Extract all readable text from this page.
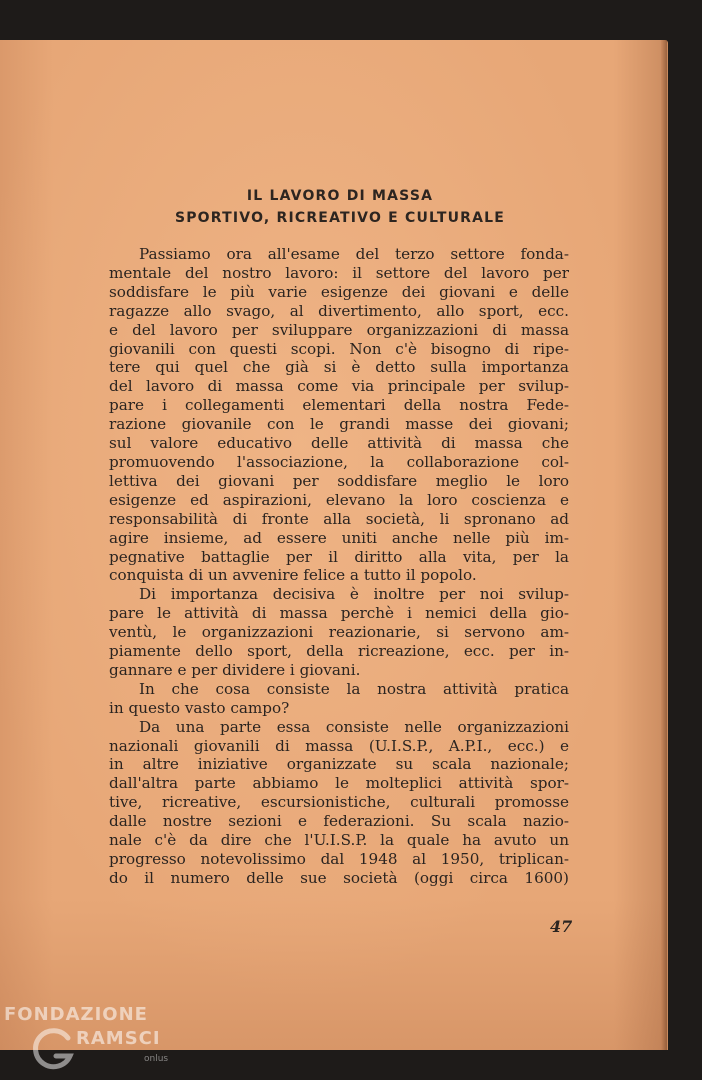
IL LAVORO DI MASSA
SPORTIVO, RICREATIVO E CULTURALE
Passiamo ora all'esame del terzo settore fonda-
mentale del nostro lavoro: il settore del lavoro per
soddisfare le più varie esigenze dei giovani e delle
ragazze allo svago, al divertimento, allo sport, ecc.
e del lavoro per sviluppare organizzazioni di massa
giovanili con questi scopi. Non c'è bisogno di ripe-
tere qui quel che già si è detto sulla importanza
del lavoro di massa come via principale per svilup-
pare i collegamenti elementari della nostra Fede-
razione giovanile con le grandi masse dei giovani;
sul valore educativo delle attività di massa che
promuovendo l'associazione, la collaborazione col-
lettiva dei giovani per soddisfare meglio le loro
esigenze ed aspirazioni, elevano la loro coscienza e
responsabilità di fronte alla società, li spronano ad
agire insieme, ad essere uniti anche nelle più im-
pegnative battaglie per il diritto alla vita, per la
conquista di un avvenire felice a tutto il popolo.
Di importanza decisiva è inoltre per noi svilup-
pare le attività di massa perchè i nemici della gio-
ventù, le organizzazioni reazionarie, si servono am-
piamente dello sport, della ricreazione, ecc. per in-
gannare e per dividere i giovani.
In che cosa consiste la nostra attività pratica
in questo vasto campo?
Da una parte essa consiste nelle organizzazioni
nazionali giovanili di massa (U.I.S.P., A.P.I., ecc.) e
in altre iniziative organizzate su scala nazionale;
dall'altra parte abbiamo le molteplici attività spor-
tive, ricreative, escursionistiche, culturali promosse
dalle nostre sezioni e federazioni. Su scala nazio-
nale c'è da dire che l'U.I.S.P. la quale ha avuto un
progresso notevolissimo dal 1948 al 1950, triplican-
do il numero delle sue società (oggi circa 1600)
47
FONDAZIONE
RAMSCI
onlus
